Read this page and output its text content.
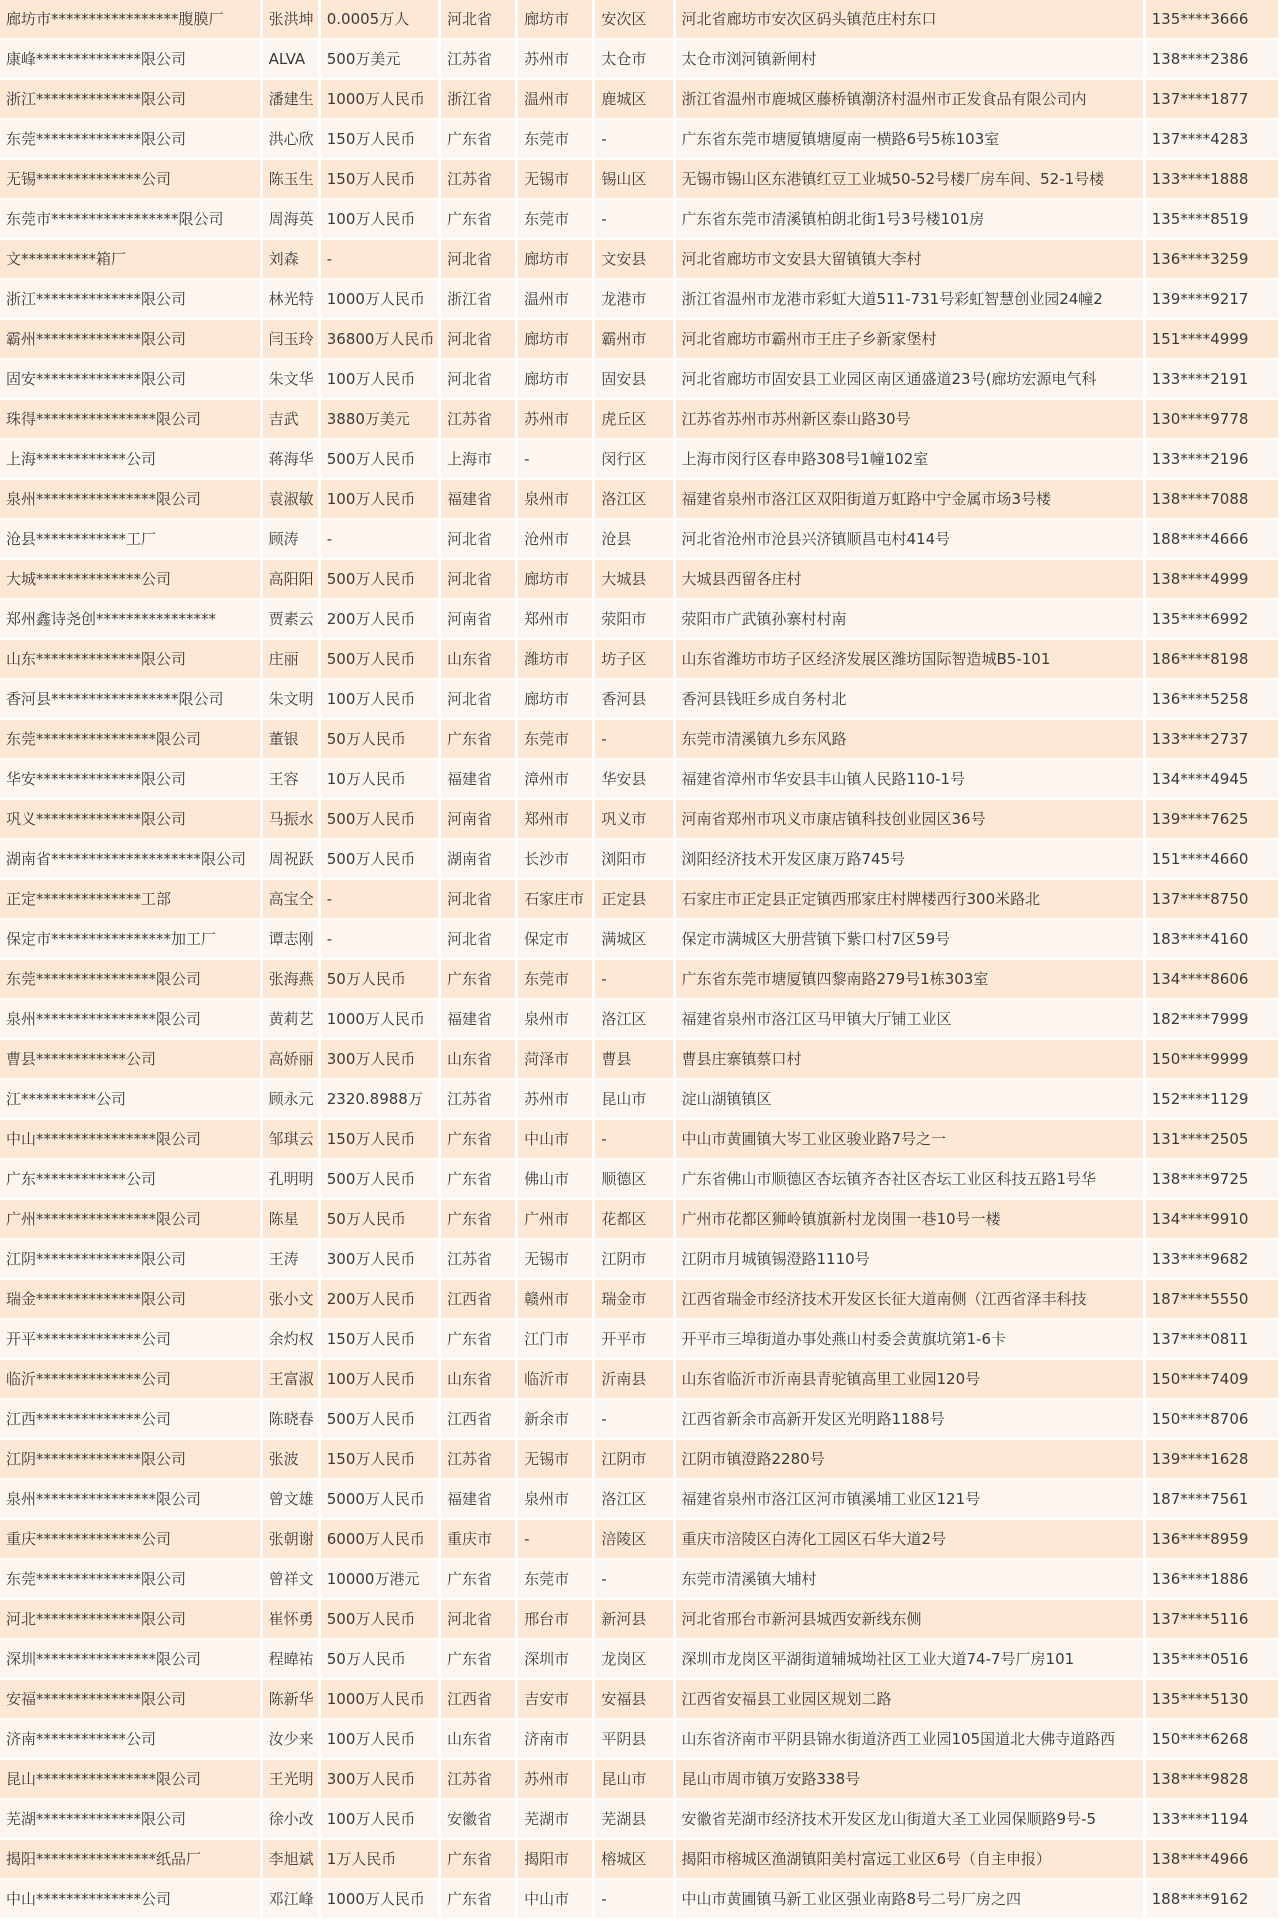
廊坊市*****************腹膜厂	张洪坤	0.0005万人	河北省	廊坊市	安次区	河北省廊坊市安次区码头镇范庄村东口	135****3666
康峰**************限公司	ALVA	500万美元	江苏省	苏州市	太仓市	太仓市浏河镇新闸村	138****2386
浙江**************限公司	潘建生	1000万人民币	浙江省	温州市	鹿城区	浙江省温州市鹿城区藤桥镇潮济村温州市正发食品有限公司内	137****1877
东莞**************限公司	洪心欣	150万人民币	广东省	东莞市	-	广东省东莞市塘厦镇塘厦南一横路6号5栋103室	137****4283
无锡**************公司	陈玉生	150万人民币	江苏省	无锡市	锡山区	无锡市锡山区东港镇红豆工业城50-52号楼厂房车间、52-1号楼	133****1888
东莞市*****************限公司	周海英	100万人民币	广东省	东莞市	-	广东省东莞市清溪镇柏朗北街1号3号楼101房	135****8519
文**********箱厂	刘森	-	河北省	廊坊市	文安县	河北省廊坊市文安县大留镇镇大李村	136****3259
浙江**************限公司	林光特	1000万人民币	浙江省	温州市	龙港市	浙江省温州市龙港市彩虹大道511-731号彩虹智慧创业园24幢2	139****9217
霸州**************限公司	闫玉玲	36800万人民币	河北省	廊坊市	霸州市	河北省廊坊市霸州市王庄子乡新家堡村	151****4999
固安**************限公司	朱文华	100万人民币	河北省	廊坊市	固安县	河北省廊坊市固安县工业园区南区通盛道23号(廊坊宏源电气科	133****2191
珠得****************限公司	吉武	3880万美元	江苏省	苏州市	虎丘区	江苏省苏州市苏州新区泰山路30号	130****9778
上海************公司	蒋海华	500万人民币	上海市	-	闵行区	上海市闵行区春申路308号1幢102室	133****2196
泉州****************限公司	袁淑敏	100万人民币	福建省	泉州市	洛江区	福建省泉州市洛江区双阳街道万虹路中宁金属市场3号楼	138****7088
沧县************工厂	顾涛	-	河北省	沧州市	沧县	河北省沧州市沧县兴济镇顺昌屯村414号	188****4666
大城**************公司	高阳阳	500万人民币	河北省	廊坊市	大城县	大城县西留各庄村	138****4999
郑州鑫诗尧创****************	贾素云	200万人民币	河南省	郑州市	荥阳市	荥阳市广武镇孙寨村村南	135****6992
山东**************限公司	庄丽	500万人民币	山东省	潍坊市	坊子区	山东省潍坊市坊子区经济发展区潍坊国际智造城B5-101	186****8198
香河县*****************限公司	朱文明	100万人民币	河北省	廊坊市	香河县	香河县钱旺乡成自务村北	136****5258
东莞****************限公司	董银	50万人民币	广东省	东莞市	-	东莞市清溪镇九乡东风路	133****2737
华安**************限公司	王容	10万人民币	福建省	漳州市	华安县	福建省漳州市华安县丰山镇人民路110-1号	134****4945
巩义**************限公司	马振水	500万人民币	河南省	郑州市	巩义市	河南省郑州市巩义市康店镇科技创业园区36号	139****7625
湖南省********************限公司	周祝跃	500万人民币	湖南省	长沙市	浏阳市	浏阳经济技术开发区康万路745号	151****4660
正定**************工部	高宝仝	-	河北省	石家庄市	正定县	石家庄市正定县正定镇西邢家庄村牌楼西行300米路北	137****8750
保定市****************加工厂	谭志刚	-	河北省	保定市	满城区	保定市满城区大册营镇下紫口村7区59号	183****4160
东莞****************限公司	张海燕	50万人民币	广东省	东莞市	-	广东省东莞市塘厦镇四黎南路279号1栋303室	134****8606
泉州****************限公司	黄莉艺	1000万人民币	福建省	泉州市	洛江区	福建省泉州市洛江区马甲镇大厅铺工业区	182****7999
曹县************公司	高娇丽	300万人民币	山东省	菏泽市	曹县	曹县庄寨镇蔡口村	150****9999
江**********公司	顾永元	2320.8988万	江苏省	苏州市	昆山市	淀山湖镇镇区	152****1129
中山****************限公司	邹琪云	150万人民币	广东省	中山市	-	中山市黄圃镇大岑工业区骏业路7号之一	131****2505
广东************公司	孔明明	500万人民币	广东省	佛山市	顺德区	广东省佛山市顺德区杏坛镇齐杏社区杏坛工业区科技五路1号华	138****9725
广州****************限公司	陈星	50万人民币	广东省	广州市	花都区	广州市花都区狮岭镇旗新村龙岗围一巷10号一楼	134****9910
江阴**************限公司	王涛	300万人民币	江苏省	无锡市	江阴市	江阴市月城镇锡澄路1110号	133****9682
瑞金**************限公司	张小文	200万人民币	江西省	赣州市	瑞金市	江西省瑞金市经济技术开发区长征大道南侧（江西省泽丰科技	187****5550
开平**************公司	余灼权	150万人民币	广东省	江门市	开平市	开平市三埠街道办事处燕山村委会黄旗坑第1-6卡	137****0811
临沂**************公司	王富淑	100万人民币	山东省	临沂市	沂南县	山东省临沂市沂南县青驼镇高里工业园120号	150****7409
江西**************公司	陈晓春	500万人民币	江西省	新余市	-	江西省新余市高新开发区光明路1188号	150****8706
江阴**************限公司	张波	150万人民币	江苏省	无锡市	江阴市	江阴市镇澄路2280号	139****1628
泉州****************限公司	曾文雄	5000万人民币	福建省	泉州市	洛江区	福建省泉州市洛江区河市镇溪埔工业区121号	187****7561
重庆**************公司	张朝谢	6000万人民币	重庆市	-	涪陵区	重庆市涪陵区白涛化工园区石华大道2号	136****8959
东莞**************限公司	曾祥文	10000万港元	广东省	东莞市	-	东莞市清溪镇大埔村	136****1886
河北**************限公司	崔怀勇	500万人民币	河北省	邢台市	新河县	河北省邢台市新河县城西安新线东侧	137****5116
深圳****************限公司	程暐祐	50万人民币	广东省	深圳市	龙岗区	深圳市龙岗区平湖街道辅城坳社区工业大道74-7号厂房101	135****0516
安福**************限公司	陈新华	1000万人民币	江西省	吉安市	安福县	江西省安福县工业园区规划二路	135****5130
济南************公司	汝少来	100万人民币	山东省	济南市	平阴县	山东省济南市平阴县锦水街道济西工业园105国道北大佛寺道路西	150****6268
昆山****************限公司	王光明	300万人民币	江苏省	苏州市	昆山市	昆山市周市镇万安路338号	138****9828
芜湖**************限公司	徐小改	100万人民币	安徽省	芜湖市	芜湖县	安徽省芜湖市经济技术开发区龙山街道大圣工业园保顺路9号-5	133****1194
揭阳****************纸品厂	李旭斌	1万人民币	广东省	揭阳市	榕城区	揭阳市榕城区渔湖镇阳美村富远工业区6号（自主申报）	138****4966
中山**************公司	邓江峰	1000万人民币	广东省	中山市	-	中山市黄圃镇马新工业区强业南路8号二号厂房之四	188****9162
